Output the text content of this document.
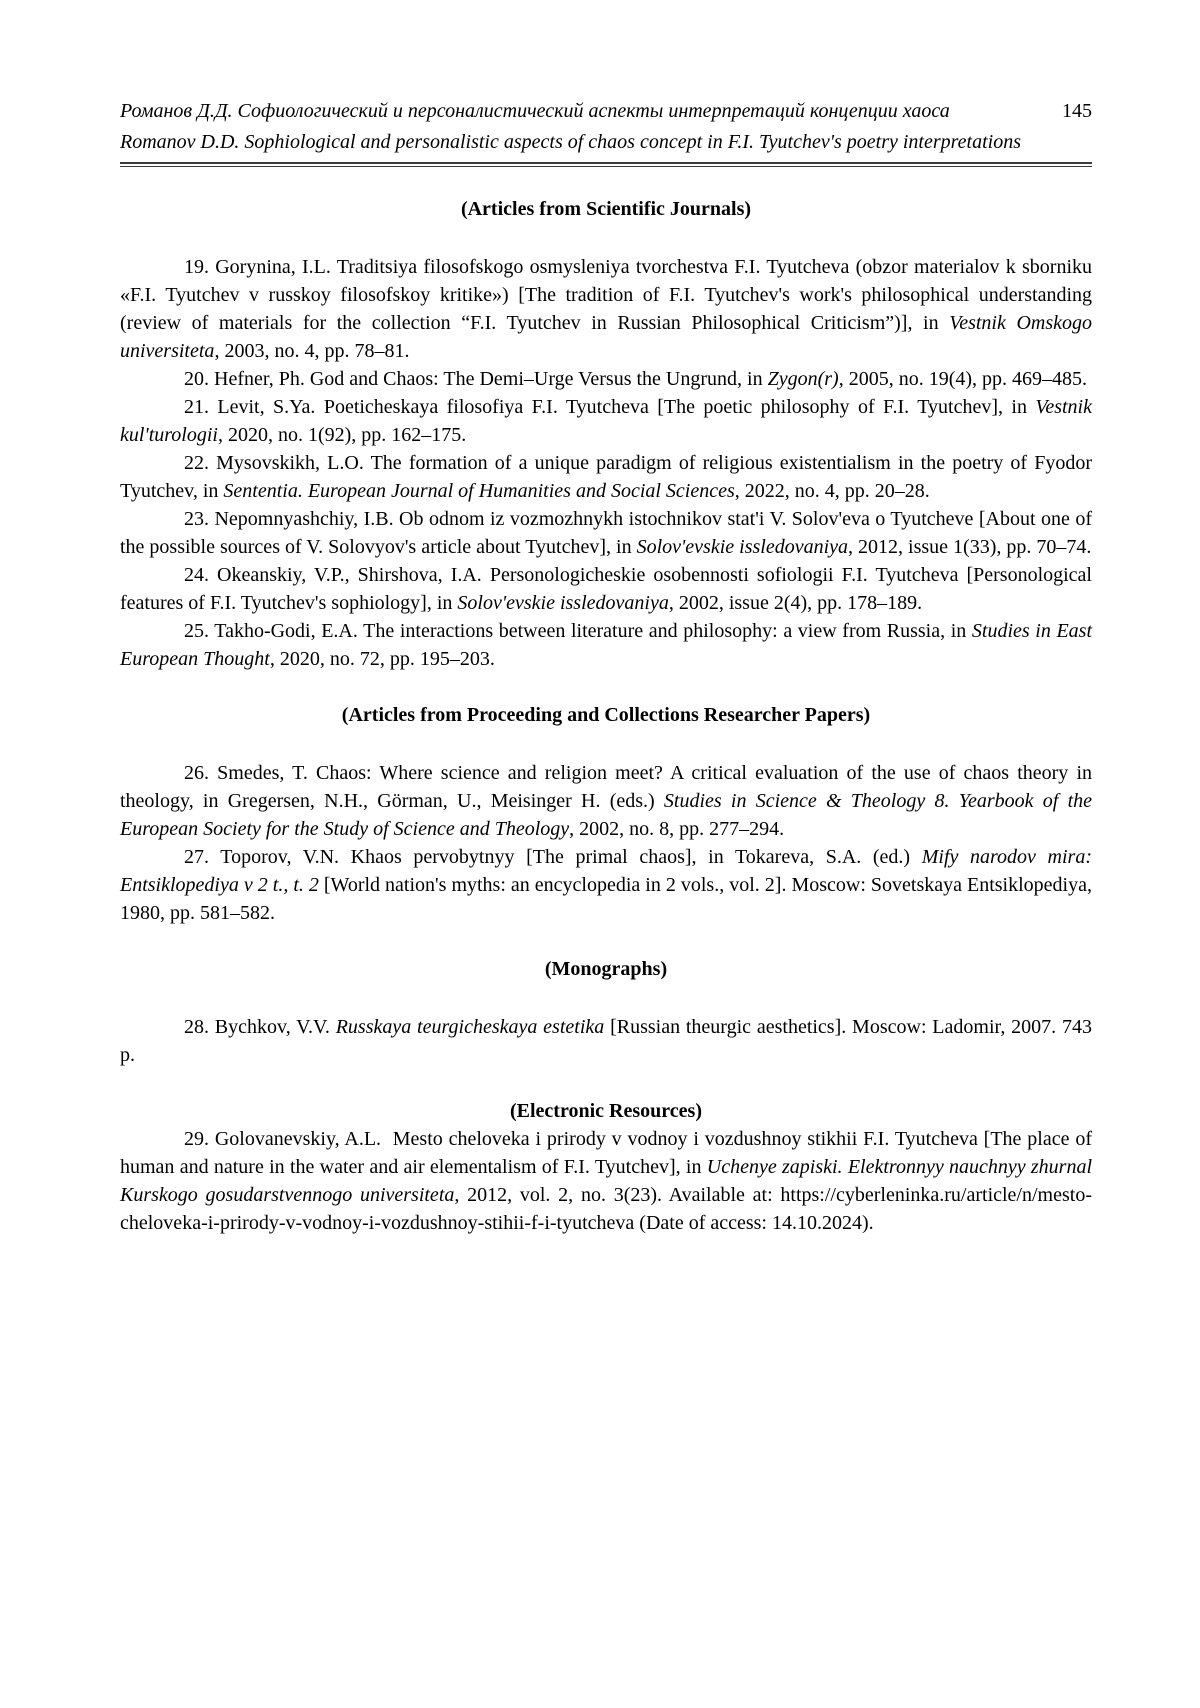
Романов Д.Д. Софиологический и персоналистический аспекты интерпретаций концепции хаоса	145
Romanov D.D. Sophiological and personalistic aspects of chaos concept in F.I. Tyutchev's poetry interpretations
(Articles from Scientific Journals)

19. Gorynina, I.L. Traditsiya filosofskogo osmysleniya tvorchestva F.I. Tyutcheva (obzor materialov k sborniku «F.I. Tyutchev v russkoy filosofskoy kritike») [The tradition of F.I. Tyutchev's work's philosophical understanding (review of materials for the collection “F.I. Tyutchev in Russian Philosophical Criticism”)], in Vestnik Omskogo universiteta, 2003, no. 4, pp. 78–81.

20. Hefner, Ph. God and Chaos: The Demi–Urge Versus the Ungrund, in Zygon(r), 2005, no. 19(4), pp. 469–485.

21. Levit, S.Ya. Poeticheskaya filosofiya F.I. Tyutcheva [The poetic philosophy of F.I. Tyutchev], in Vestnik kul'turologii, 2020, no. 1(92), pp. 162–175.

22. Mysovskikh, L.O. The formation of a unique paradigm of religious existentialism in the poetry of Fyodor Tyutchev, in Sententia. European Journal of Humanities and Social Sciences, 2022, no. 4, pp. 20–28.

23. Nepomnyashchiy, I.B. Ob odnom iz vozmozhnykh istochnikov stat'i V. Solov'eva o Tyutcheve [About one of the possible sources of V. Solovyov's article about Tyutchev], in Solov'evskie issledovaniya, 2012, issue 1(33), pp. 70–74.

24. Okeanskiy, V.P., Shirshova, I.A. Personologicheskie osobennosti sofiologii F.I. Tyutcheva [Personological features of F.I. Tyutchev's sophiology], in Solov'evskie issledovaniya, 2002, issue 2(4), pp. 178–189.

25. Takho-Godi, E.A. The interactions between literature and philosophy: a view from Russia, in Studies in East European Thought, 2020, no. 72, pp. 195–203.

(Articles from Proceeding and Collections Researcher Papers)

26. Smedes, T. Chaos: Where science and religion meet? A critical evaluation of the use of chaos theory in theology, in Gregersen, N.H., Görman, U., Meisinger H. (eds.) Studies in Science & Theology 8. Yearbook of the European Society for the Study of Science and Theology, 2002, no. 8, pp. 277–294.

27. Toporov, V.N. Khaos pervobytnyy [The primal chaos], in Tokareva, S.A. (ed.) Mify narodov mira: Entsiklopediya v 2 t., t. 2 [World nation's myths: an encyclopedia in 2 vols., vol. 2]. Moscow: Sovetskaya Entsiklopediya, 1980, pp. 581–582.

(Monographs)

28. Bychkov, V.V. Russkaya teurgicheskaya estetika [Russian theurgic aesthetics]. Moscow: Ladomir, 2007. 743 p.

(Electronic Resources)

29. Golovanevskiy, A.L.  Mesto cheloveka i prirody v vodnoy i vozdushnoy stikhii F.I. Tyutcheva [The place of human and nature in the water and air elementalism of F.I. Tyutchev], in Uchenye zapiski. Elektronnyy nauchnyy zhurnal Kurskogo gosudarstvennogo universiteta, 2012, vol. 2, no. 3(23). Available at: https://cyberleninka.ru/article/n/mesto-cheloveka-i-prirody-v-vodnoy-i-vozdushnoy-stihii-f-i-tyutcheva (Date of access: 14.10.2024).
